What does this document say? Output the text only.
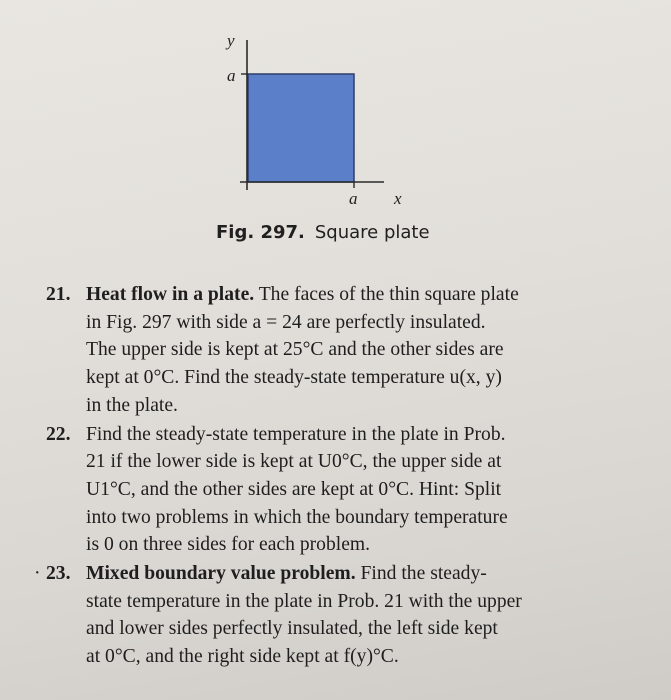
y
a
a x
Fig. 297. Square plate
21. Heat flow in a plate. The faces of the thin square plate
in Fig. 297 with side a = 24 are perfectly insulated.
The upper side is kept at 25°C and the other sides are
kept at 0°C. Find the steady-state temperature u(x, y)
in the plate.
22. Find the steady-state temperature in the plate in Prob.
21 if the lower side is kept at U0°C, the upper side at
U1°C, and the other sides are kept at 0°C. Hint: Split
into two problems in which the boundary temperature
is 0 on three sides for each problem.
· 23. Mixed boundary value problem. Find the steady-
state temperature in the plate in Prob. 21 with the upper
and lower sides perfectly insulated, the left side kept
at 0°C, and the right side kept at f(y)°C.
